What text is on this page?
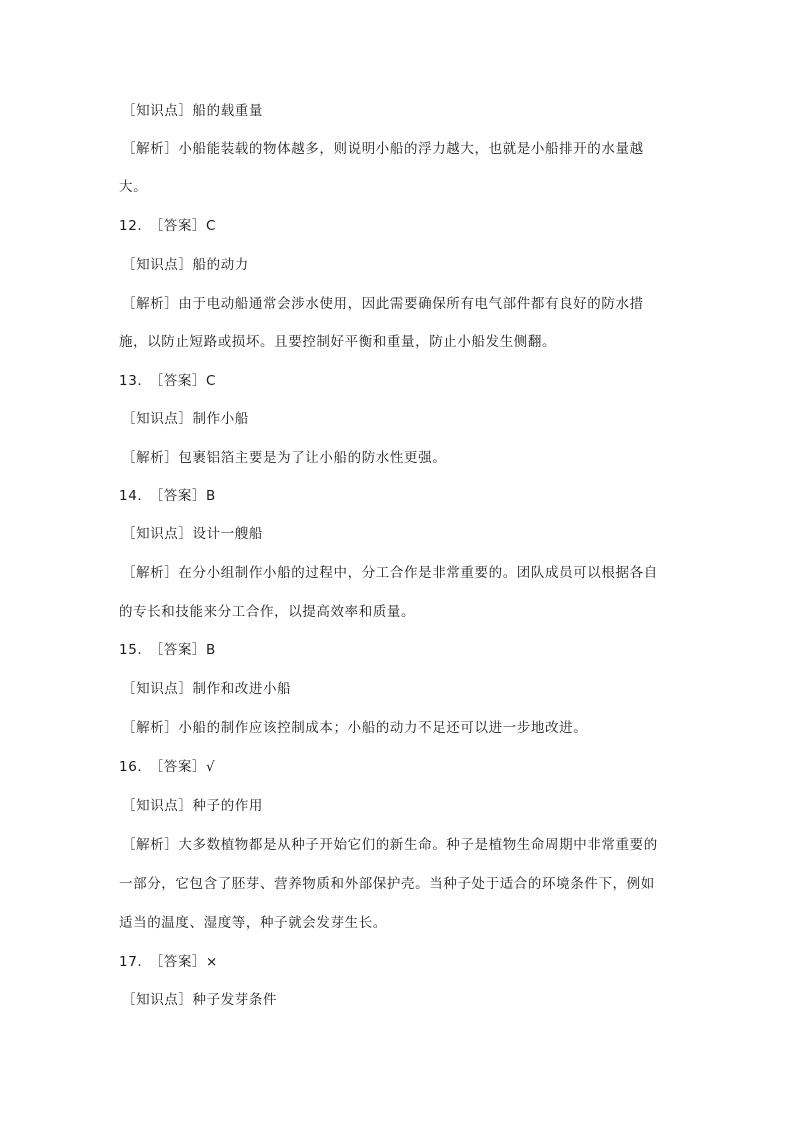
［知识点］船的载重量
［解析］小船能装载的物体越多，则说明小船的浮力越大，也就是小船排开的水量越
大。
12.　［答案］C
［知识点］船的动力
［解析］由于电动船通常会涉水使用，因此需要确保所有电气部件都有良好的防水措
施，以防止短路或损坏。且要控制好平衡和重量，防止小船发生侧翻。
13.　［答案］C
［知识点］制作小船
［解析］包裹铝箔主要是为了让小船的防水性更强。
14.　［答案］B
［知识点］设计一艘船
［解析］在分小组制作小船的过程中，分工合作是非常重要的。团队成员可以根据各自
的专长和技能来分工合作，以提高效率和质量。
15.　［答案］B
［知识点］制作和改进小船
［解析］小船的制作应该控制成本；小船的动力不足还可以进一步地改进。
16.　［答案］√
［知识点］种子的作用
［解析］大多数植物都是从种子开始它们的新生命。种子是植物生命周期中非常重要的
一部分，它包含了胚芽、营养物质和外部保护壳。当种子处于适合的环境条件下，例如
适当的温度、湿度等，种子就会发芽生长。
17.　［答案］×
［知识点］种子发芽条件
